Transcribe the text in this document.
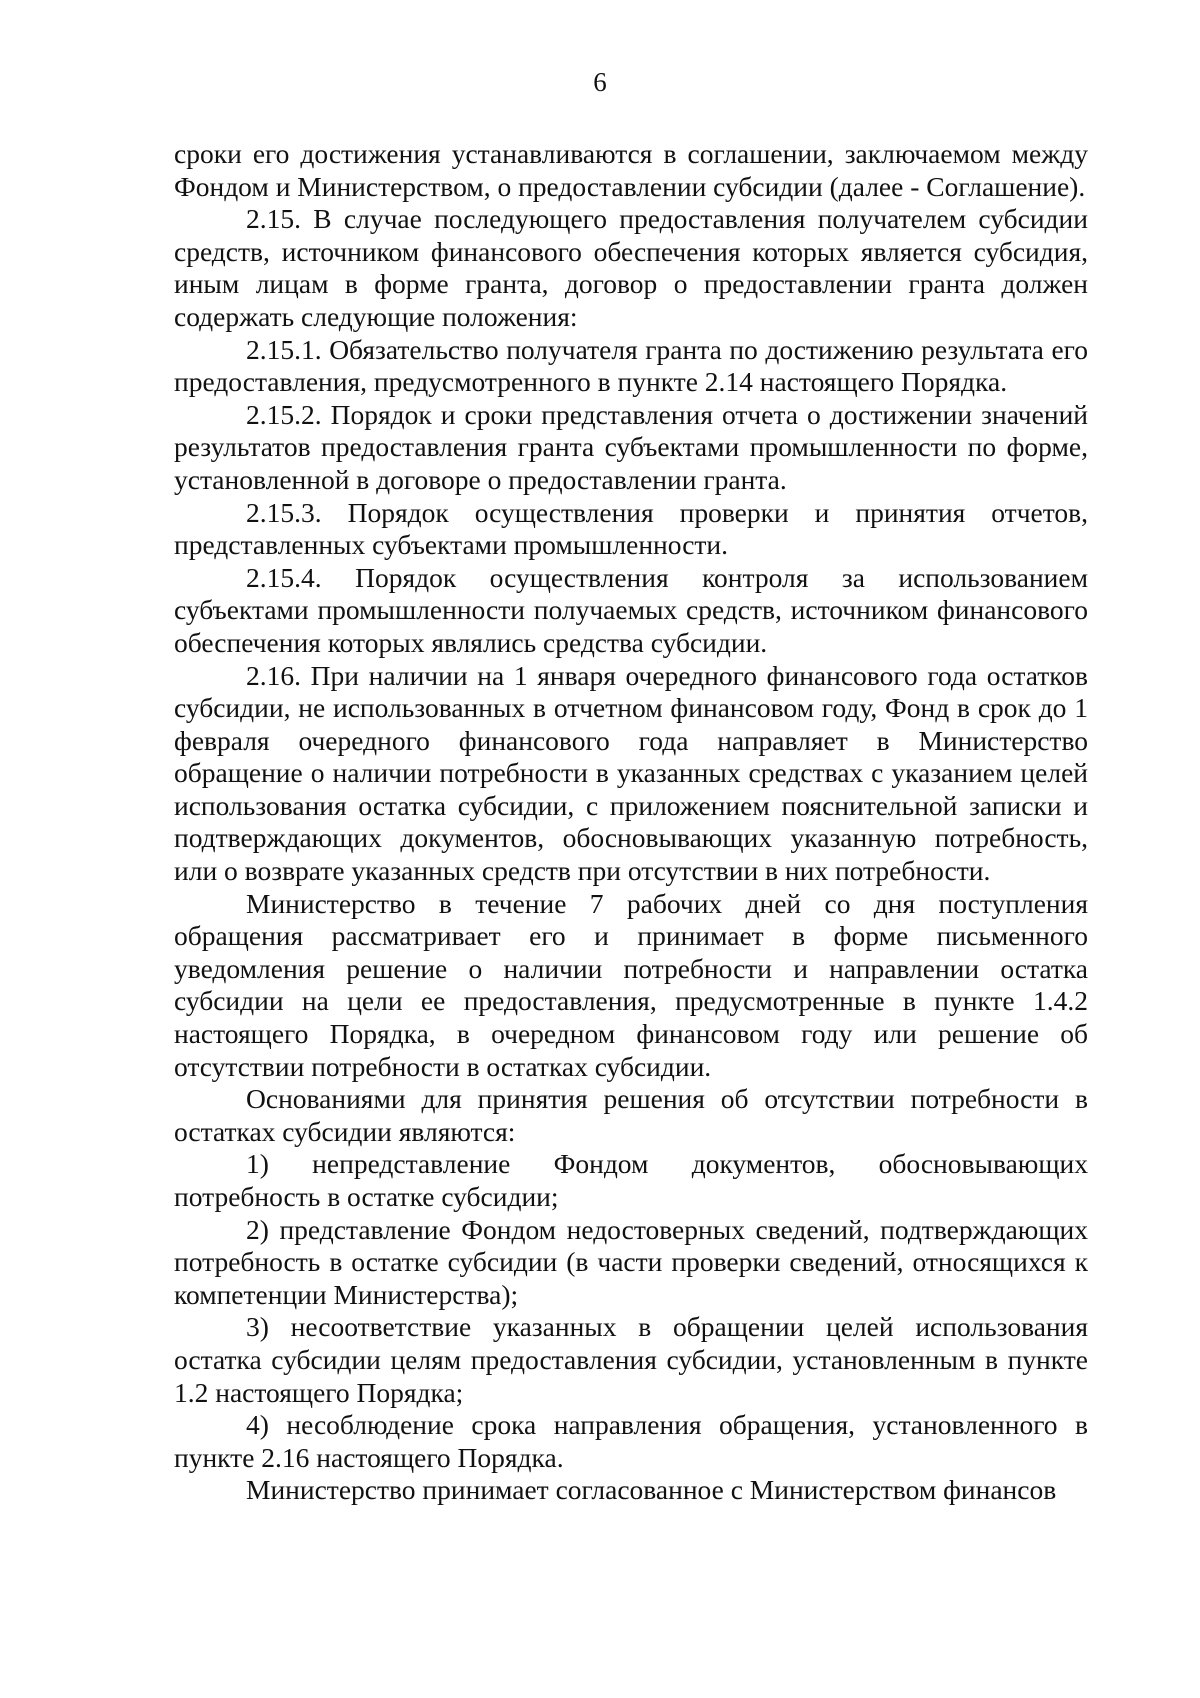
6

сроки его достижения устанавливаются в соглашении, заключаемом между Фондом и Министерством, о предоставлении субсидии (далее - Соглашение).

2.15. В случае последующего предоставления получателем субсидии средств, источником финансового обеспечения которых является субсидия, иным лицам в форме гранта, договор о предоставлении гранта должен содержать следующие положения:

2.15.1. Обязательство получателя гранта по достижению результата его предоставления, предусмотренного в пункте 2.14 настоящего Порядка.

2.15.2. Порядок и сроки представления отчета о достижении значений результатов предоставления гранта субъектами промышленности по форме, установленной в договоре о предоставлении гранта.

2.15.3. Порядок осуществления проверки и принятия отчетов, представленных субъектами промышленности.

2.15.4. Порядок осуществления контроля за использованием субъектами промышленности получаемых средств, источником финансового обеспечения которых являлись средства субсидии.

2.16. При наличии на 1 января очередного финансового года остатков субсидии, не использованных в отчетном финансовом году, Фонд в срок до 1 февраля очередного финансового года направляет в Министерство обращение о наличии потребности в указанных средствах с указанием целей использования остатка субсидии, с приложением пояснительной записки и подтверждающих документов, обосновывающих указанную потребность, или о возврате указанных средств при отсутствии в них потребности.

Министерство в течение 7 рабочих дней со дня поступления обращения рассматривает его и принимает в форме письменного уведомления решение о наличии потребности и направлении остатка субсидии на цели ее предоставления, предусмотренные в пункте 1.4.2 настоящего Порядка, в очередном финансовом году или решение об отсутствии потребности в остатках субсидии.

Основаниями для принятия решения об отсутствии потребности в остатках субсидии являются:

1) непредставление Фондом документов, обосновывающих потребность в остатке субсидии;

2) представление Фондом недостоверных сведений, подтверждающих потребность в остатке субсидии (в части проверки сведений, относящихся к компетенции Министерства);

3) несоответствие указанных в обращении целей использования остатка субсидии целям предоставления субсидии, установленным в пункте 1.2 настоящего Порядка;

4) несоблюдение срока направления обращения, установленного в пункте 2.16 настоящего Порядка.

Министерство принимает согласованное с Министерством финансов
